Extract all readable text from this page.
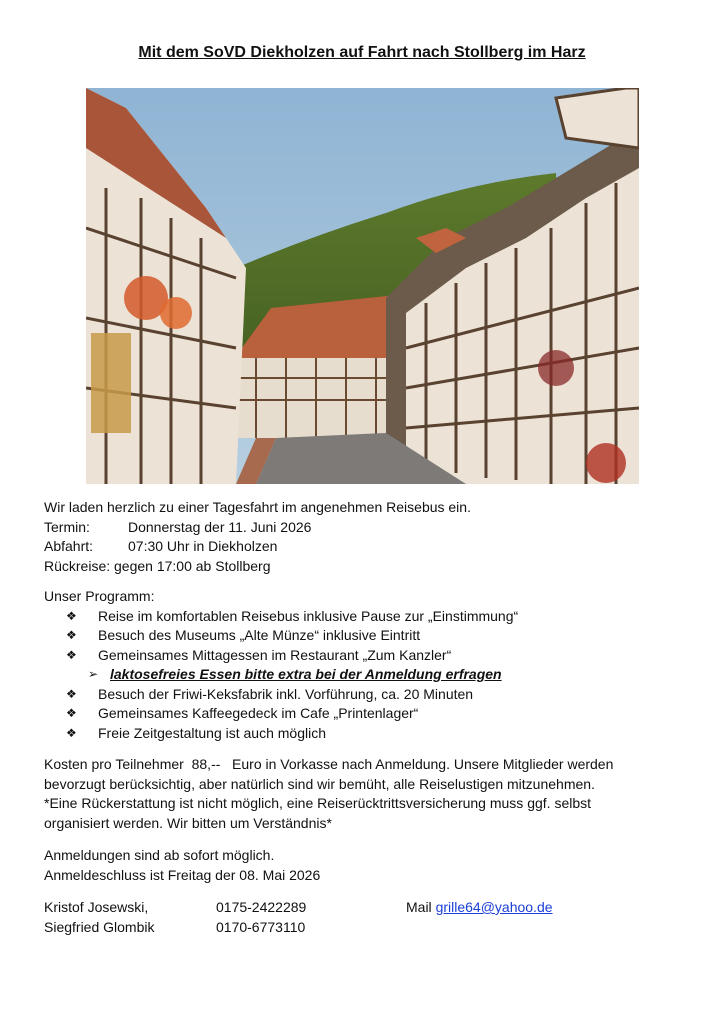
Mit dem SoVD Diekholzen auf Fahrt nach Stollberg im Harz
Wir laden herzlich zu einer Tagesfahrt im angenehmen Reisebus ein.
Termin:	Donnerstag der 11. Juni 2026
Abfahrt: 07:30 Uhr in Diekholzen
Rückreise: gegen 17:00 ab Stollberg
Unser Programm:
❖ Reise im komfortablen Reisebus inklusive Pause zur „Einstimmung“
❖ Besuch des Museums „Alte Münze“ inklusive Eintritt
❖ Gemeinsames Mittagessen im Restaurant „Zum Kanzler“
➢ laktosefreies Essen bitte extra bei der Anmeldung erfragen
❖ Besuch der Friwi-Keksfabrik inkl. Vorführung, ca. 20 Minuten
❖ Gemeinsames Kaffeegedeck im Cafe „Printenlager“
❖ Freie Zeitgestaltung ist auch möglich
Kosten pro Teilnehmer  88,--   Euro in Vorkasse nach Anmeldung. Unsere Mitglieder werden
bevorzugt berücksichtig, aber natürlich sind wir bemüht, alle Reiselustigen mitzunehmen.
*Eine Rückerstattung ist nicht möglich, eine Reiserücktrittsversicherung muss ggf. selbst
organisiert werden. Wir bitten um Verständnis*
Anmeldungen sind ab sofort möglich.
Anmeldeschluss ist Freitag der 08. Mai 2026
Kristof Josewski,	0175-2422289	Mail grille64@yahoo.de
Siegfried Glombik	0170-6773110
